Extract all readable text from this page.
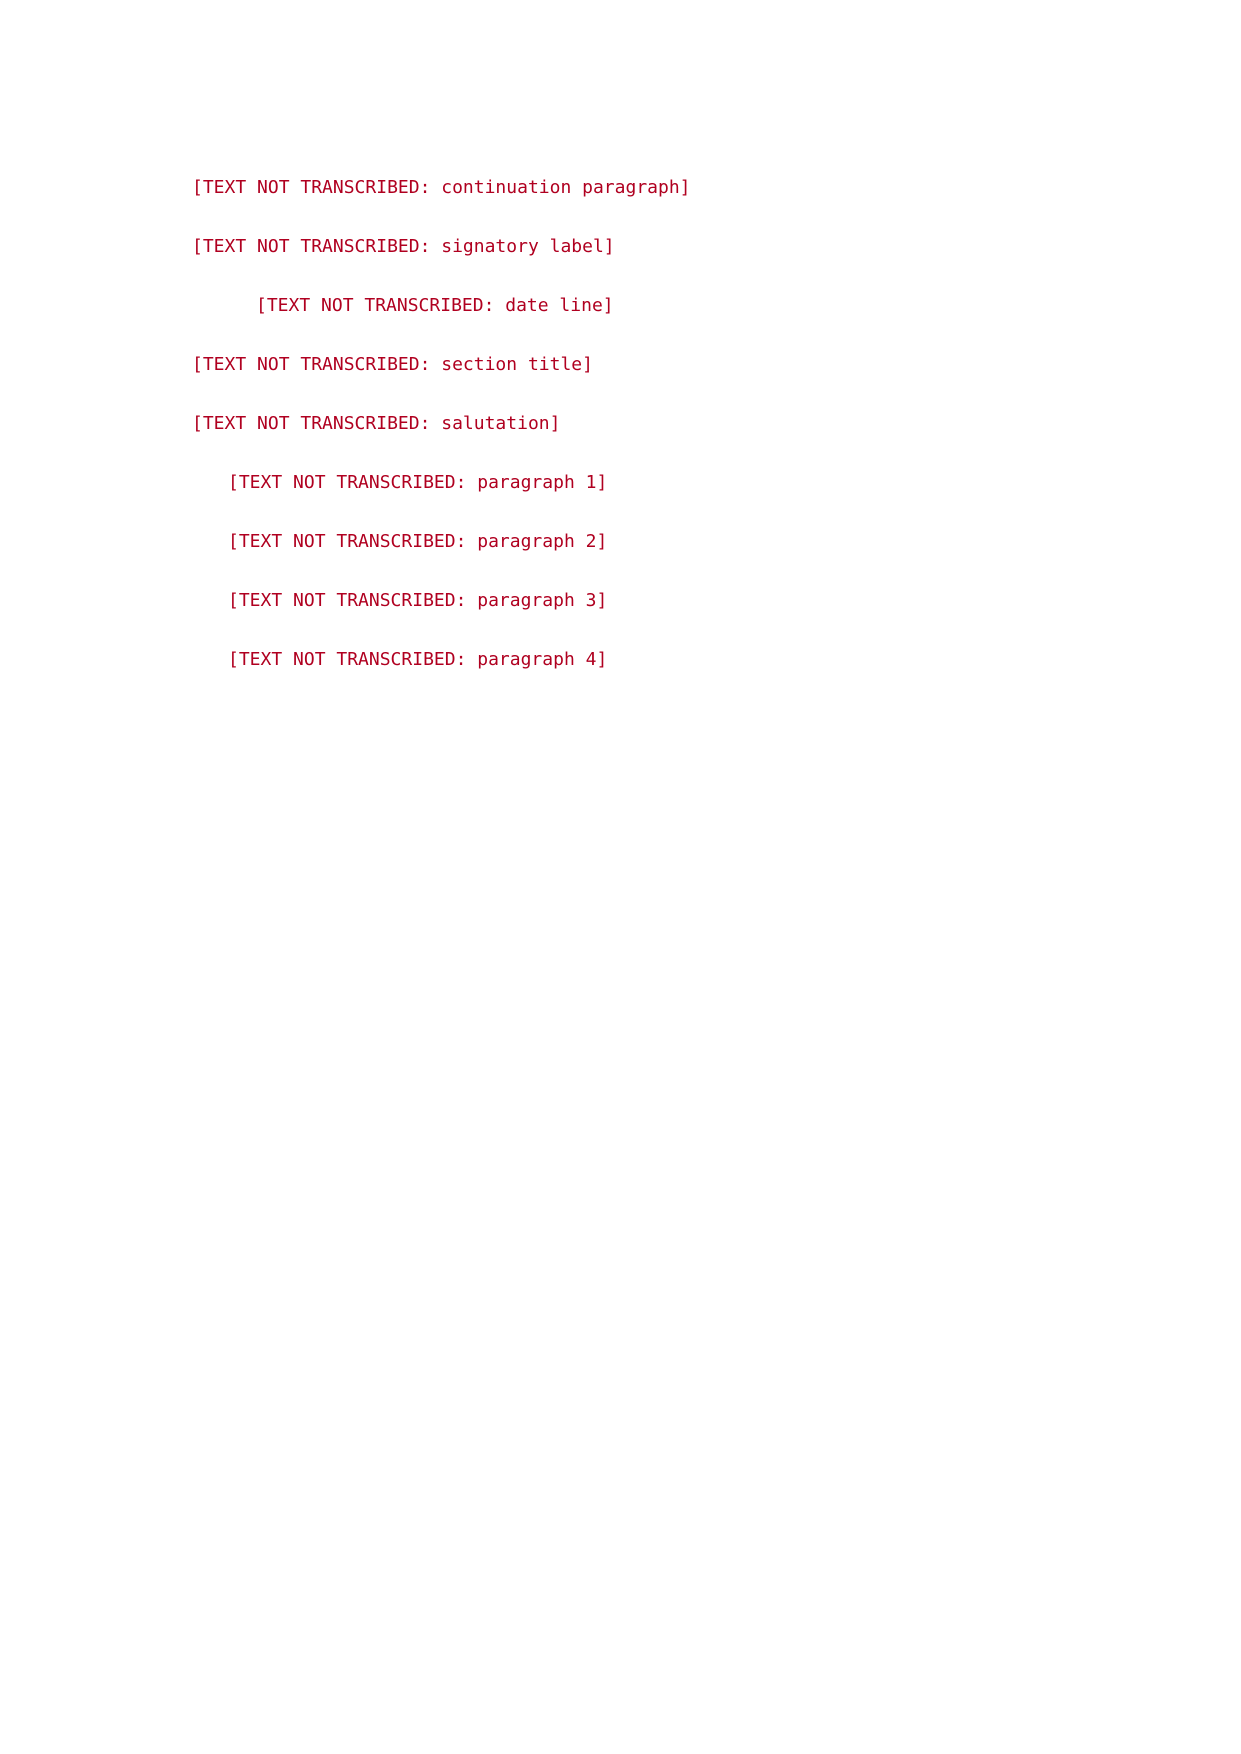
[TEXT NOT TRANSCRIBED: continuation paragraph]

[TEXT NOT TRANSCRIBED: signatory label]
[TEXT NOT TRANSCRIBED: date line]
[TEXT NOT TRANSCRIBED: section title]
[TEXT NOT TRANSCRIBED: salutation]

[TEXT NOT TRANSCRIBED: paragraph 1]

[TEXT NOT TRANSCRIBED: paragraph 2]

[TEXT NOT TRANSCRIBED: paragraph 3]

[TEXT NOT TRANSCRIBED: paragraph 4]
